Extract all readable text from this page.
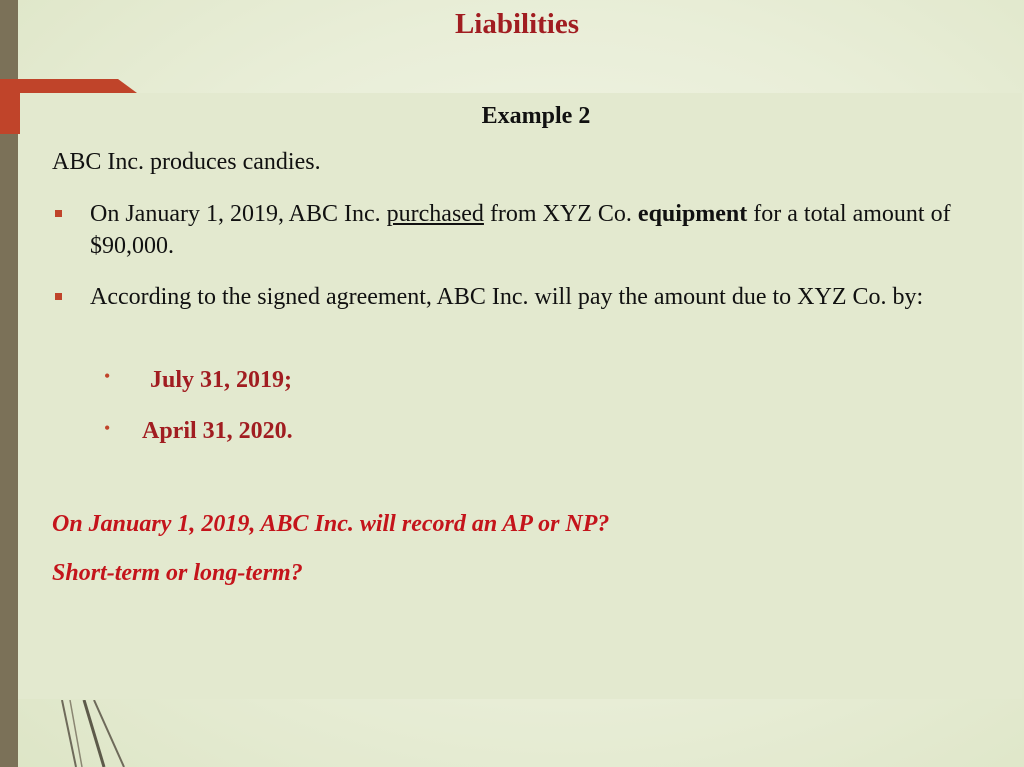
Liabilities
Example 2
ABC Inc. produces candies.
On January 1, 2019, ABC Inc. purchased from XYZ Co. equipment for a total amount of $90,000.
According to the signed agreement, ABC Inc. will pay the amount due to XYZ Co. by:
• July 31, 2019;
• April 31, 2020.
On January 1, 2019, ABC Inc. will record an AP or NP?
Short-term or long-term?
